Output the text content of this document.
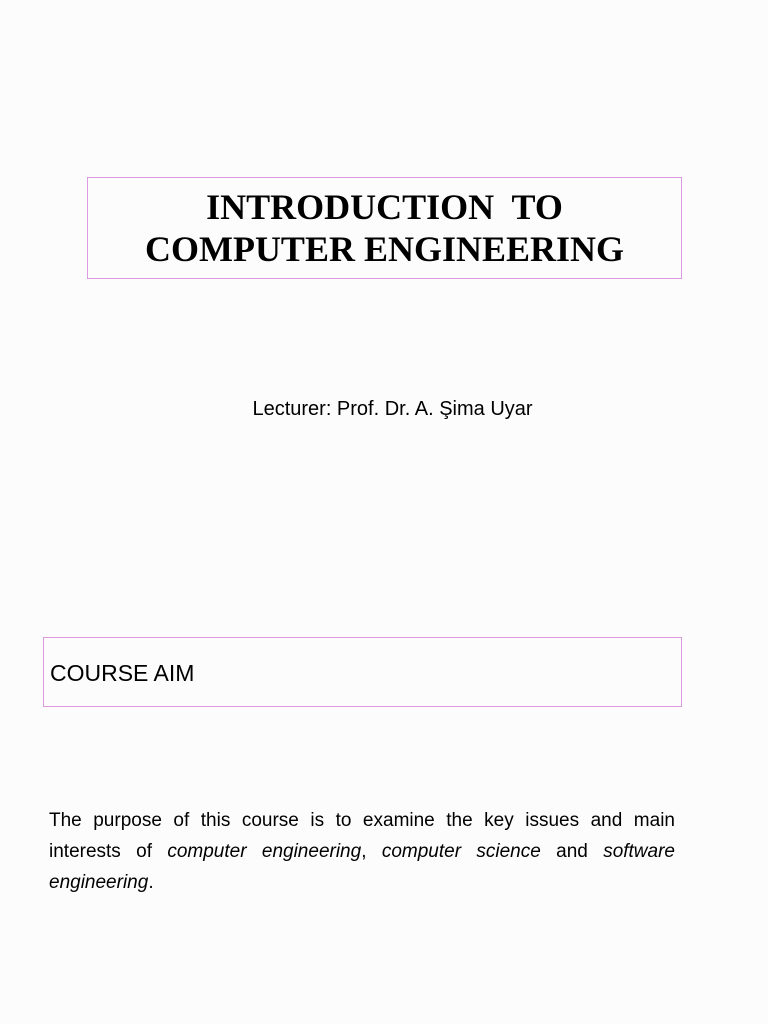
INTRODUCTION  TO
COMPUTER ENGINEERING
Lecturer: Prof. Dr. A. Şima Uyar
COURSE AIM
The purpose of this course is to examine the key issues and main interests of computer engineering, computer science and software engineering.
